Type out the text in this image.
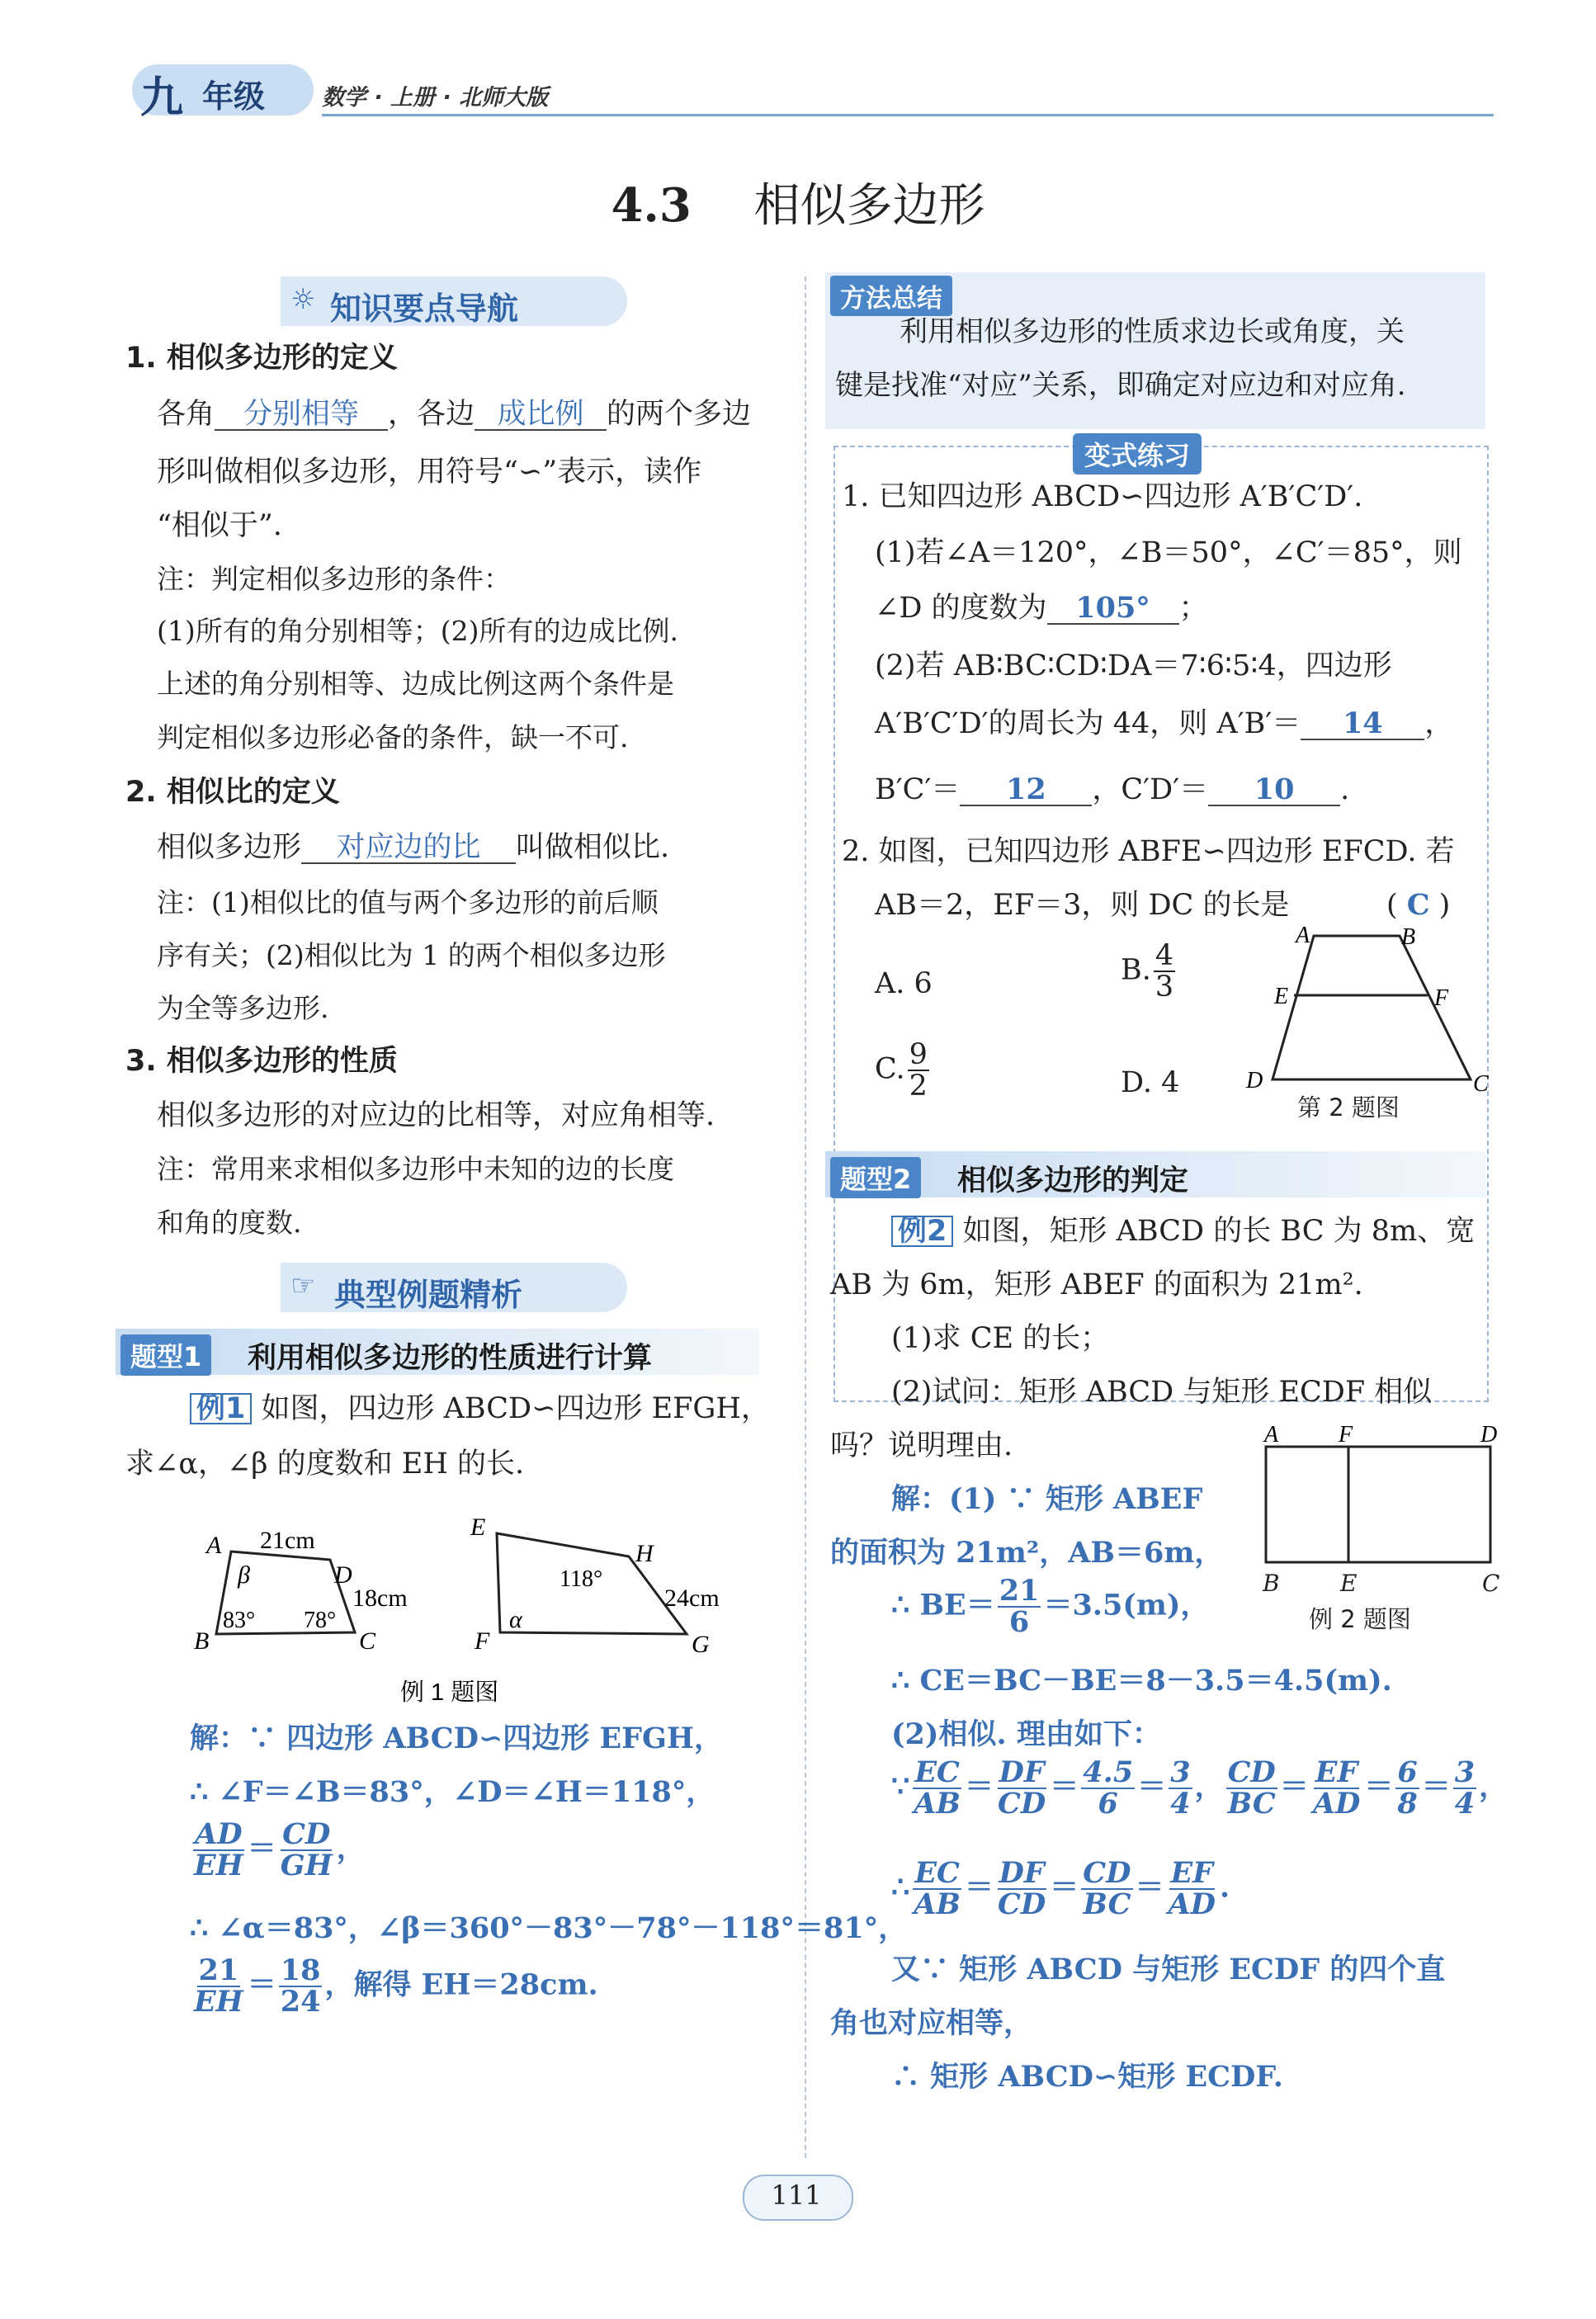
九 年级	数学 · 上册 · 北师大版
4.3 相似多边形
☼ 知识要点导航
1. 相似多边形的定义
各角 分别相等 ，各边 成比例 的两个多边
形叫做相似多边形，用符号“∽”表示，读作
“相似于”.
注：判定相似多边形的条件：
(1)所有的角分别相等；(2)所有的边成比例.
上述的角分别相等、边成比例这两个条件是
判定相似多边形必备的条件，缺一不可.
2. 相似比的定义
相似多边形 对应边的比 叫做相似比.
注：(1)相似比的值与两个多边形的前后顺
序有关；(2)相似比为 1 的两个相似多边形
为全等多边形.
3. 相似多边形的性质
相似多边形的对应边的比相等，对应角相等.
注：常用来求相似多边形中未知的边的长度
和角的度数.
☞ 典型例题精析
题型1	利用相似多边形的性质进行计算
例1 如图，四边形 ABCD∽四边形 EFGH，
求∠α，∠β 的度数和 EH 的长.
A
D
B	C
21cm
18cm
β
83° 78°
E
H
F	G
24cm
118°
α
例 1 题图
解：∵ 四边形 ABCD∽四边形 EFGH，
∴ ∠F＝∠B＝83°，∠D＝∠H＝118°，
$\frac{AD}{EH} = \frac{CD}{GH}$ ，
∴ ∠α＝83°，∠β＝360°－83°－78°－118°＝81°，
$\frac{21}{EH} = \frac{18}{24}$ ，解得 EH＝28cm.
方法总结
利用相似多边形的性质求边长或角度，关
键是找准“对应”关系，即确定对应边和对应角.
变式练习
1. 已知四边形 ABCD∽四边形 A′B′C′D′.
(1)若∠A＝120°，∠B＝50°，∠C′＝85°，则
∠D 的度数为 105° ；
(2)若 AB∶BC∶CD∶DA＝7∶6∶5∶4，四边形
A′B′C′D′的周长为 44，则 A′B′＝ 14 ，
B′C′＝ 12 ，C′D′＝ 10 .
2. 如图，已知四边形 ABFE∽四边形 EFCD. 若
AB＝2，EF＝3，则 DC 的长是	( C )
A. 6	B. $\frac{4}{3}$
C. $\frac{9}{2}$	D. 4
A	B
E	F
D	C
第 2 题图
题型2	相似多边形的判定
例2 如图，矩形 ABCD 的长 BC 为 8m、宽
AB 为 6m，矩形 ABEF 的面积为 21m².
(1)求 CE 的长；
(2)试问：矩形 ABCD 与矩形 ECDF 相似
吗？说明理由.	A	F	D
B	E	C
例 2 题图
解：(1) ∵ 矩形 ABEF
的面积为 21m²，AB＝6m，
∴ $BE= \frac{21}{6} =3.5(m)$，
∴ CE＝BC－BE＝8－3.5＝4.5(m).
(2)相似. 理由如下：
∵ $\frac{EC}{AB} = \frac{DF}{CD} = \frac{4.5}{6} = \frac{3}{4}$ ， $\frac{CD}{BC} = \frac{EF}{AD} = \frac{6}{8} = \frac{3}{4}$ ，
∴ $\frac{EC}{AB} = \frac{DF}{CD} = \frac{CD}{BC} = \frac{EF}{AD}$ .
又∵ 矩形 ABCD 与矩形 ECDF 的四个直
角也对应相等，
∴ 矩形 ABCD∽矩形 ECDF.
111
